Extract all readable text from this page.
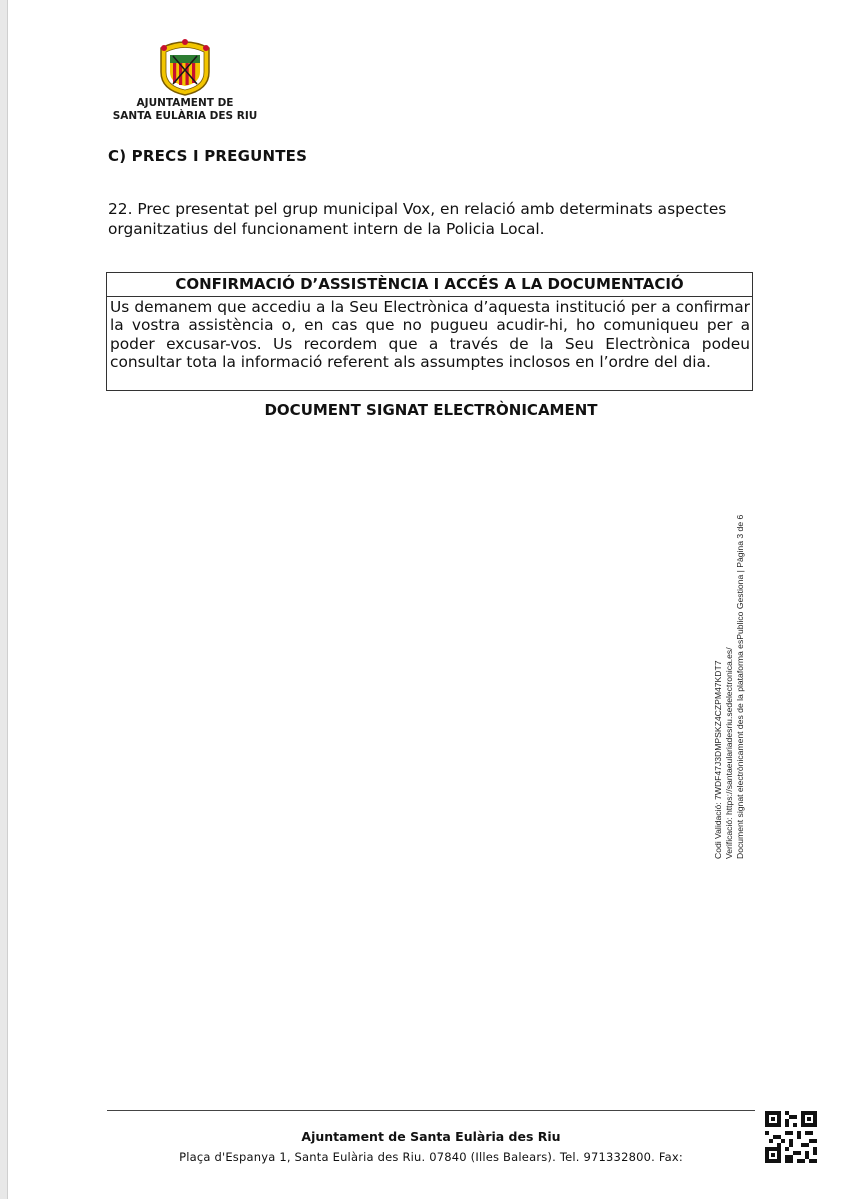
AJUNTAMENT DE
SANTA EULÀRIA DES RIU
C) PRECS I PREGUNTES
22. Prec presentat pel grup municipal Vox, en relació amb determinats aspectes organitzatius del funcionament intern de la Policia Local.
CONFIRMACIÓ D’ASSISTÈNCIA I ACCÉS A LA DOCUMENTACIÓ
Us demanem que accediu a la Seu Electrònica d’aquesta institució per a confirmar la vostra assistència o, en cas que no pugueu acudir-hi, ho comuniqueu per a poder excusar-vos. Us recordem que a través de la Seu Electrònica podeu consultar tota la informació referent als assumptes inclosos en l’ordre del dia.
DOCUMENT SIGNAT ELECTRÒNICAMENT
Codi Validació: 7WDF47J3DMPSKZ4CZPM47KDT7 Verificació: https://santaeulariadesriu.sedelectronica.es/ Document signat electrònicament des de la plataforma esPublico Gestiona | Pàgina 3 de 6
Ajuntament de Santa Eulària des Riu
Plaça d'Espanya 1, Santa Eulària des Riu. 07840 (Illes Balears). Tel. 971332800. Fax:
